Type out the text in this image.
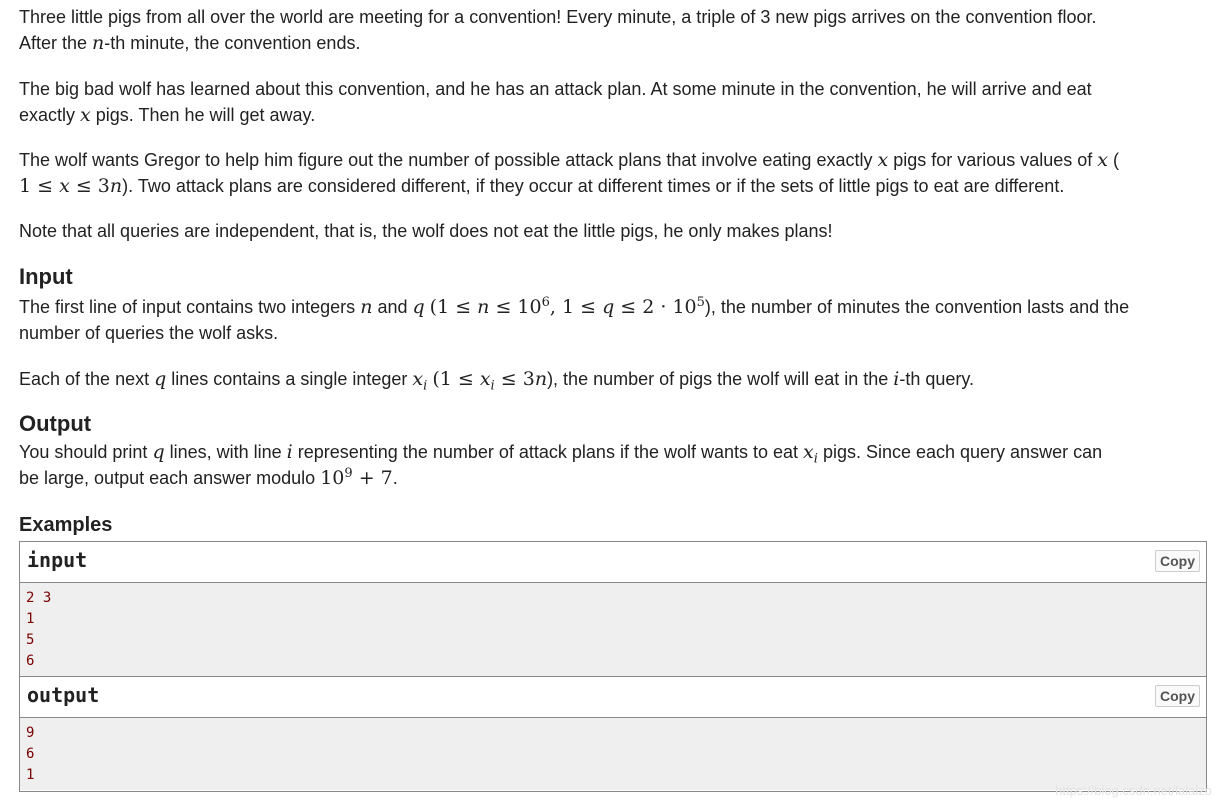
Three little pigs from all over the world are meeting for a convention! Every minute, a triple of 3 new pigs arrives on the convention floor.
After the n-th minute, the convention ends.

The big bad wolf has learned about this convention, and he has an attack plan. At some minute in the convention, he will arrive and eat
exactly x pigs. Then he will get away.

The wolf wants Gregor to help him figure out the number of possible attack plans that involve eating exactly x pigs for various values of x (
1 ≤ x ≤ 3n). Two attack plans are considered different, if they occur at different times or if the sets of little pigs to eat are different.

Note that all queries are independent, that is, the wolf does not eat the little pigs, he only makes plans!

Input

The first line of input contains two integers n and q ($1 \le n \le 10^6$, $1 \le q \le 2 \cdot 10^5$), the number of minutes the convention lasts and the
number of queries the wolf asks.

Each of the next q lines contains a single integer $x_i$ $(1 \le x_i \le 3n)$, the number of pigs the wolf will eat in the i-th query.

Output

You should print q lines, with line i representing the number of attack plans if the wolf wants to eat $x_i$ pigs. Since each query answer can
be large, output each answer modulo $10^9 + 7$.

Examples
input	Copy
2 3
1
5
6
output	Copy
9
6
1
https://blog.csdn.net/lalalzo
